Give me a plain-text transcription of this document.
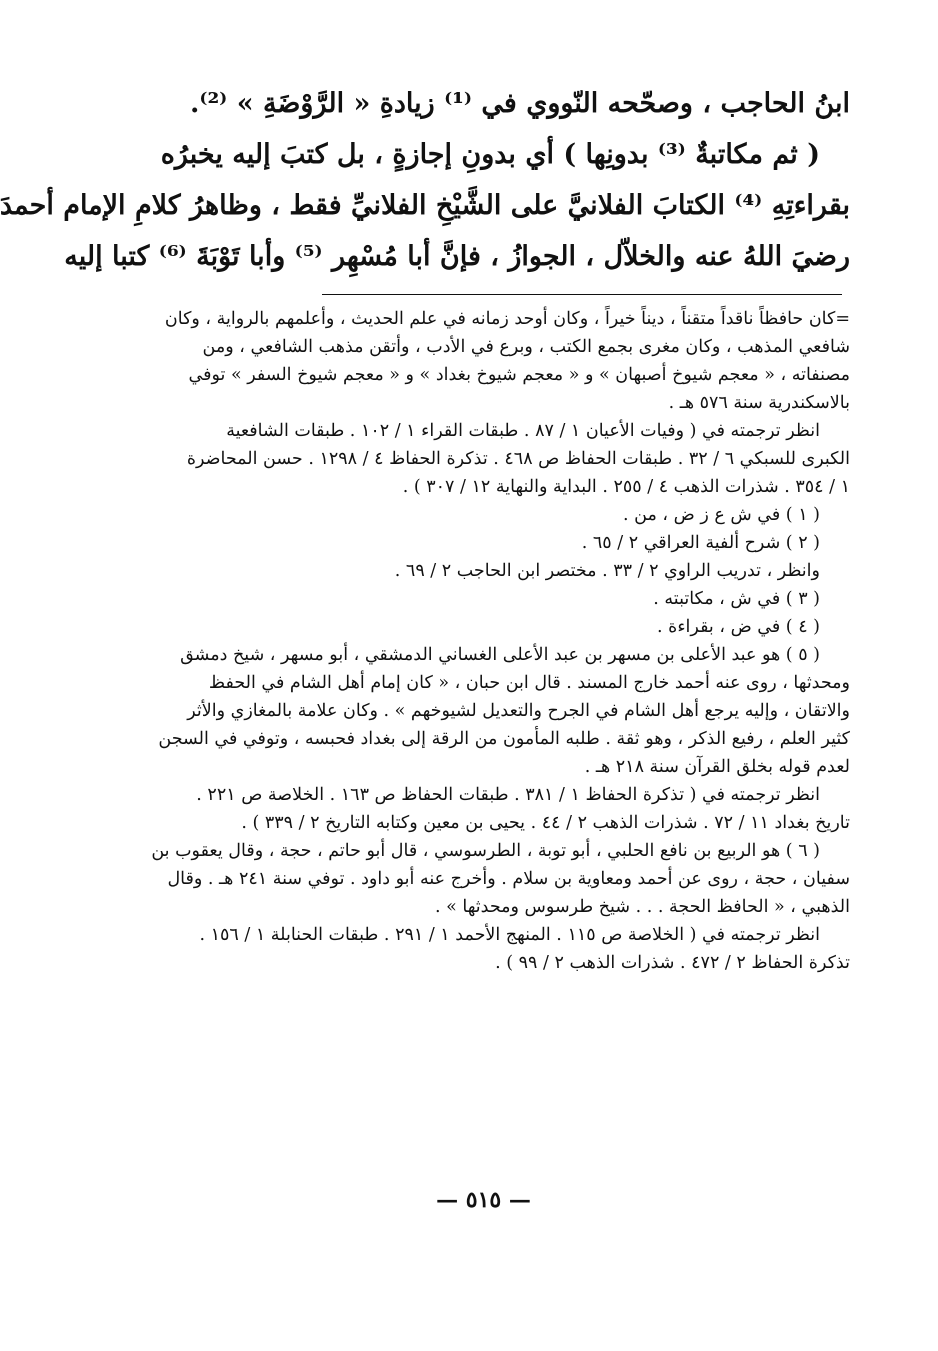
ابنُ الحاجب ، وصحّحه النّووي في ⁽¹⁾ زيادةِ « الرَّوْضَةِ » ⁽²⁾.
( ثم مكاتبةٌ ⁽³⁾ بدونِها ) أي بدونِ إجازةٍ ، بل كتبَ إليه يخبرُه
بقراءتِهِ ⁽⁴⁾ الكتابَ الفلانيَّ على الشَّيْخِ الفلانيِّ فقط ، وظاهرُ كلامِ الإمام أحمدَ
رضيَ اللهُ عنه والخلاّل ، الجوازُ ، فإنَّ أبا مُسْهِر ⁽⁵⁾ وأبا تَوْبَةَ ⁽⁶⁾ كتبا إليه
=كان حافظاً ناقداً متقناً ، ديناً خيراً ، وكان أوحد زمانه في علم الحديث ، وأعلمهم بالرواية ، وكان
شافعي المذهب ، وكان مغرى بجمع الكتب ، وبرع في الأدب ، وأتقن مذهب الشافعي ، ومن
مصنفاته ، « معجم شيوخ أصبهان » و « معجم شيوخ بغداد » و « معجم شيوخ السفر » توفي
بالاسكندرية سنة ٥٧٦ هـ .
انظر ترجمته في ( وفيات الأعيان ١ / ٨٧ . طبقات القراء ١ / ١٠٢ . طبقات الشافعية
الكبرى للسبكي ٦ / ٣٢ . طبقات الحفاظ ص ٤٦٨ . تذكرة الحفاظ ٤ / ١٢٩٨ . حسن المحاضرة
١ / ٣٥٤ . شذرات الذهب ٤ / ٢٥٥ . البداية والنهاية ١٢ / ٣٠٧ ) .
( ١ ) في ش ع ز ض ، من .
( ٢ ) شرح ألفية العراقي ٢ / ٦٥ .
وانظر ، تدريب الراوي ٢ / ٣٣ . مختصر ابن الحاجب ٢ / ٦٩ .
( ٣ ) في ش ، مكاتبته .
( ٤ ) في ض ، بقراءة .
( ٥ ) هو عبد الأعلى بن مسهر بن عبد الأعلى الغساني الدمشقي ، أبو مسهر ، شيخ دمشق
ومحدثها ، روى عنه أحمد خارج المسند . قال ابن حبان ، « كان إمام أهل الشام في الحفظ
والاتقان ، وإليه يرجع أهل الشام في الجرح والتعديل لشيوخهم » . وكان علامة بالمغازي والأثر
كثير العلم ، رفيع الذكر ، وهو ثقة . طلبه المأمون من الرقة إلى بغداد فحبسه ، وتوفي في السجن
لعدم قوله بخلق القرآن سنة ٢١٨ هـ .
انظر ترجمته في ( تذكرة الحفاظ ١ / ٣٨١ . طبقات الحفاظ ص ١٦٣ . الخلاصة ص ٢٢١ .
تاريخ بغداد ١١ / ٧٢ . شذرات الذهب ٢ / ٤٤ . يحيى بن معين وكتابه التاريخ ٢ / ٣٣٩ ) .
( ٦ ) هو الربيع بن نافع الحلبي ، أبو توبة ، الطرسوسي ، قال أبو حاتم ، حجة ، وقال يعقوب بن
سفيان ، حجة ، روى عن أحمد ومعاوية بن سلام . وأخرج عنه أبو داود . توفي سنة ٢٤١ هـ . وقال
الذهبي ، « الحافظ الحجة . . . شيخ طرسوس ومحدثها » .
انظر ترجمته في ( الخلاصة ص ١١٥ . المنهج الأحمد ١ / ٢٩١ . طبقات الحنابلة ١ / ١٥٦ .
تذكرة الحفاظ ٢ / ٤٧٢ . شذرات الذهب ٢ / ٩٩ ) .
— ٥١٥ —
